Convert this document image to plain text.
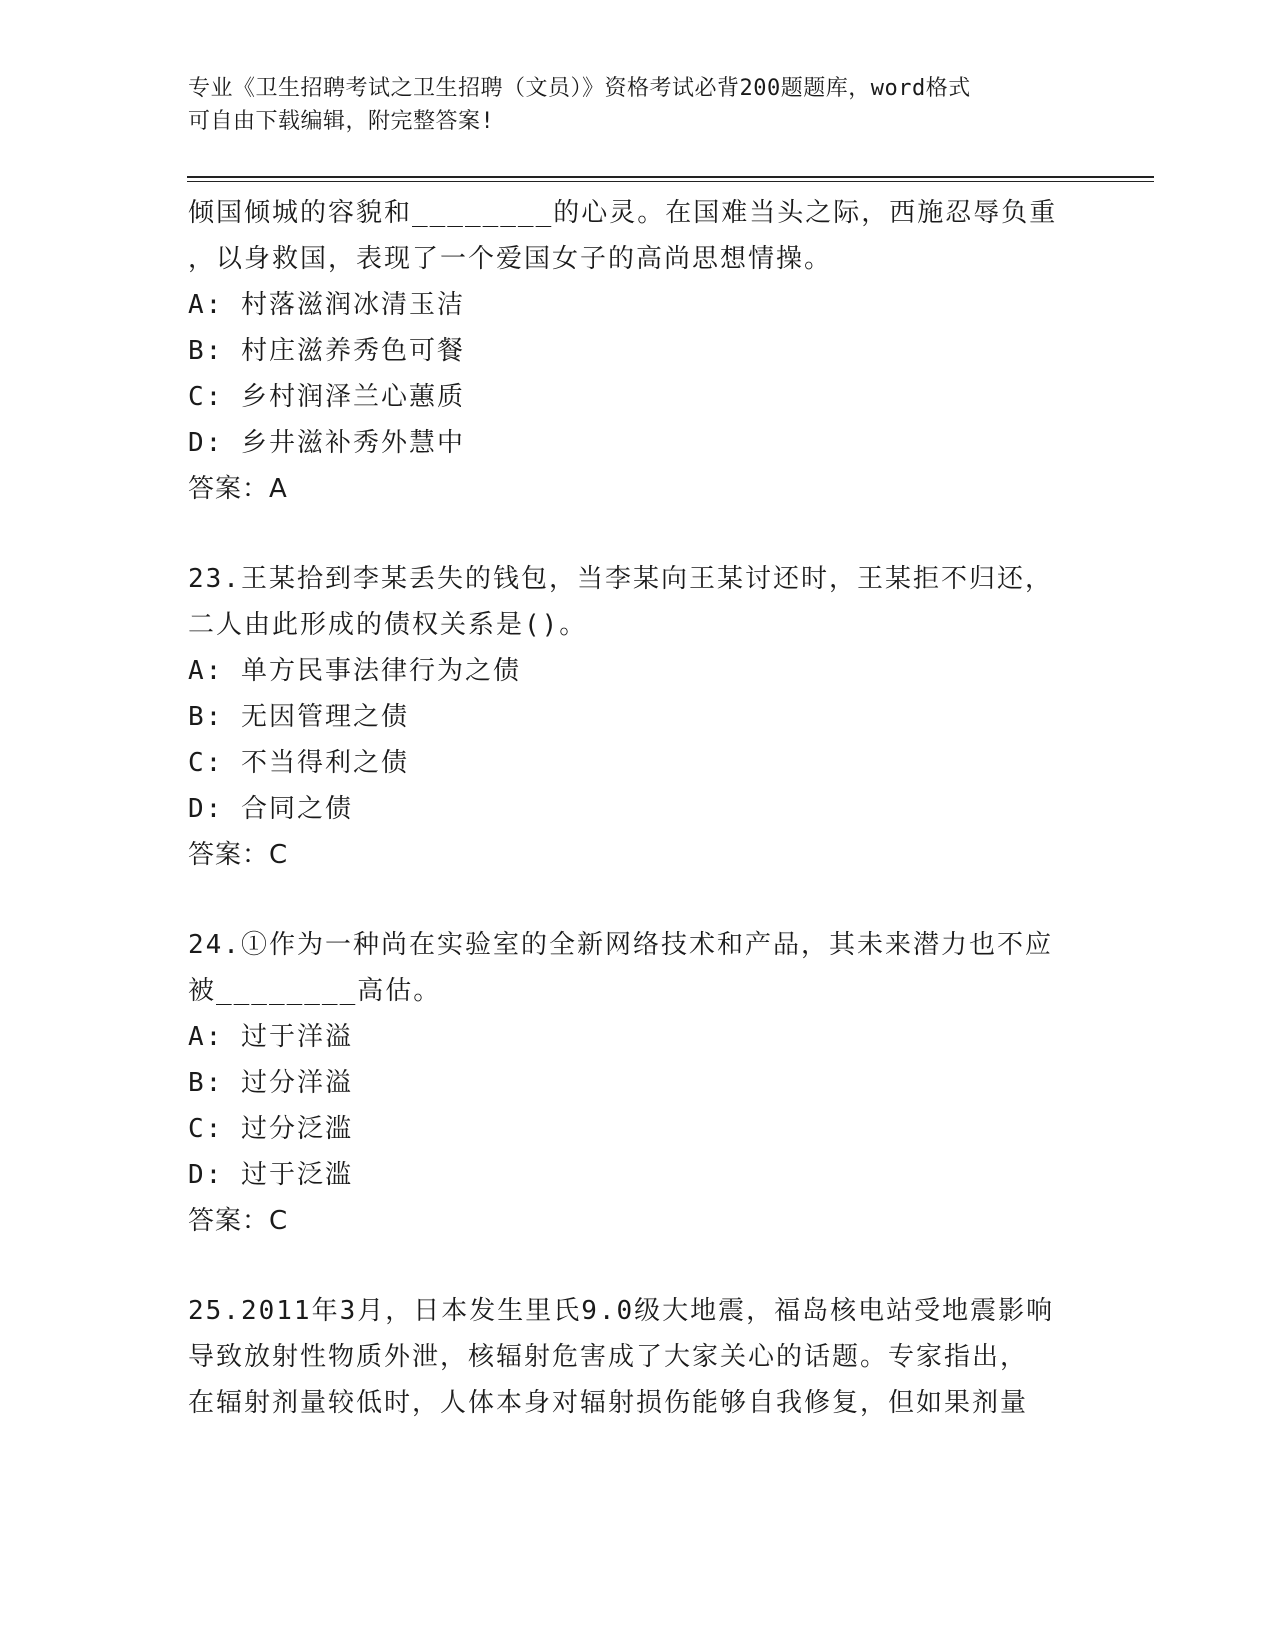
专业《卫生招聘考试之卫生招聘（文员）》资格考试必背200题题库，word格式
可自由下载编辑，附完整答案!
倾国倾城的容貌和________的心灵。在国难当头之际，西施忍辱负重
，以身救国，表现了一个爱国女子的高尚思想情操。
A: 村落滋润冰清玉洁
B: 村庄滋养秀色可餐
C: 乡村润泽兰心蕙质
D: 乡井滋补秀外慧中
答案：A
23.王某拾到李某丢失的钱包，当李某向王某讨还时，王某拒不归还，
二人由此形成的债权关系是()。
A: 单方民事法律行为之债
B: 无因管理之债
C: 不当得利之债
D: 合同之债
答案：C
24.①作为一种尚在实验室的全新网络技术和产品，其未来潜力也不应
被________高估。
A: 过于洋溢
B: 过分洋溢
C: 过分泛滥
D: 过于泛滥
答案：C
25.2011年3月，日本发生里氏9.0级大地震，福岛核电站受地震影响
导致放射性物质外泄，核辐射危害成了大家关心的话题。专家指出，
在辐射剂量较低时，人体本身对辐射损伤能够自我修复，但如果剂量
